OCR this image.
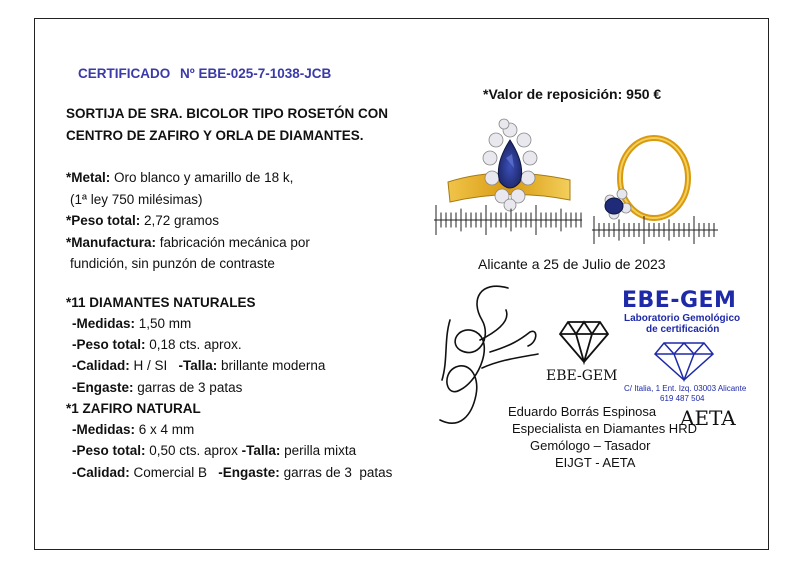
CERTIFICADO Nº EBE-025-7-1038-JCB
SORTIJA DE SRA. BICOLOR TIPO ROSETÓN CON
CENTRO DE ZAFIRO Y ORLA DE DIAMANTES.
*Metal: Oro blanco y amarillo de 18 k,
(1ª ley 750 milésimas)
*Peso total: 2,72 gramos
*Manufactura: fabricación mecánica por
fundición, sin punzón de contraste
*11 DIAMANTES NATURALES
-Medidas: 1,50 mm
-Peso total: 0,18 cts. aprox.
-Calidad: H / SI   -Talla: brillante moderna
-Engaste: garras de 3 patas
*1 ZAFIRO NATURAL
-Medidas: 6 x 4 mm
-Peso total: 0,50 cts. aprox -Talla: perilla mixta
-Calidad: Comercial B   -Engaste: garras de 3  patas
*Valor de reposición: 950 €
Alicante a 25 de Julio de 2023
EBE-GEM
EBE-GEM
Laboratorio Gemológico
de certificación
C/ Italia, 1 Ent. Izq. 03003 Alicante
619 487 504
AETA
Eduardo Borrás Espinosa
Especialista en Diamantes HRD
Gemólogo – Tasador
EIJGT - AETA
